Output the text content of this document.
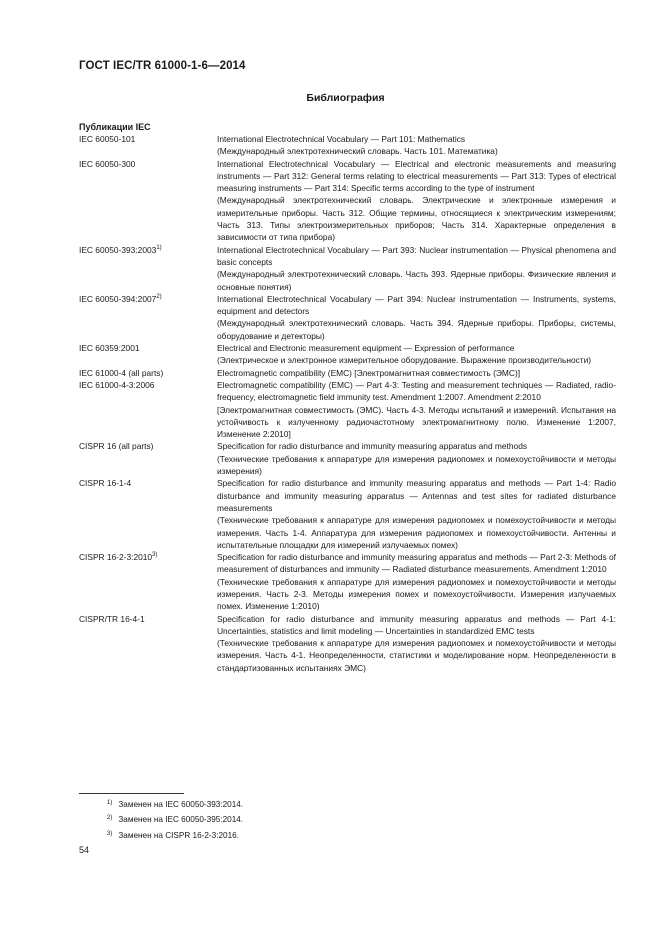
ГОСТ IEC/TR 61000-1-6—2014
Библиография
Публикации IEC
IEC 60050-101	International Electrotechnical Vocabulary — Part 101: Mathematics
(Международный электротехнический словарь. Часть 101. Математика)
IEC 60050-300	International Electrotechnical Vocabulary — Electrical and electronic measurements and measuring instruments — Part 312: General terms relating to electrical measurements — Part 313: Types of electrical measuring instruments — Part 314: Specific terms according to the type of instrument
(Международный электротехнический словарь. Электрические и электронные измерения и измерительные приборы. Часть 312. Общие термины, относящиеся к электрическим измерениям; Часть 313. Типы электроизмерительных приборов; Часть 314. Характерные определения в зависимости от типа прибора)
IEC 60050-393:2003$^{1)}$	International Electrotechnical Vocabulary — Part 393: Nuclear instrumentation — Physical phenomena and basic concepts
(Международный электротехнический словарь. Часть 393. Ядерные приборы. Физические явления и основные понятия)
IEC 60050-394:2007$^{2)}$	International Electrotechnical Vocabulary — Part 394: Nuclear instrumentation — Instruments, systems, equipment and detectors
(Международный электротехнический словарь. Часть 394. Ядерные приборы. Приборы, системы, оборудование и детекторы)
IEC 60359:2001	Electrical and Electronic measurement equipment — Expression of performance
(Электрическое и электронное измерительное оборудование. Выражение производительности)
IEC 61000-4 (all parts)	Electromagnetic compatibility (EMC) [Электромагнитная совместимость (ЭМС)]
IEC 61000-4-3:2006	Electromagnetic compatibility (EMC) — Part 4-3: Testing and measurement techniques — Radiated, radio-frequency, electromagnetic field immunity test. Amendment 1:2007. Amendment 2:2010
[Электромагнитная совместимость (ЭМС). Часть 4-3. Методы испытаний и измерений. Испытания на устойчивость к излученному радиочастотному электромагнитному полю. Изменение 1:2007, Изменение 2:2010]
CISPR 16 (all parts)	Specification for radio disturbance and immunity measuring apparatus and methods
(Технические требования к аппаратуре для измерения радиопомех и помехоустойчивости и методы измерения)
CISPR 16-1-4	Specification for radio disturbance and immunity measuring apparatus and methods — Part 1-4: Radio disturbance and immunity measuring apparatus — Antennas and test sites for radiated disturbance measurements
(Технические требования к аппаратуре для измерения радиопомех и помехоустойчивости и методы измерения. Часть 1-4. Аппаратура для измерения радиопомех и помехоустойчивости. Антенны и испытательные площадки для измерений излучаемых помех)
CISPR 16-2-3:2010$^{3)}$	Specification for radio disturbance and immunity measuring apparatus and methods — Part 2-3: Methods of measurement of disturbances and immunity — Radiated disturbance measurements. Amendment 1:2010
(Технические требования к аппаратуре для измерения радиопомех и помехоустойчивости и методы измерения. Часть 2-3. Методы измерения помех и помехоустойчивости. Измерения излучаемых помех. Изменение 1:2010)
CISPR/TR 16-4-1	Specification for radio disturbance and immunity measuring apparatus and methods — Part 4-1: Uncertainties, statistics and limit modeling — Uncertainties in standardized EMC tests
(Технические требования к аппаратуре для измерения радиопомех и помехоустойчивости и методы измерения. Часть 4-1. Неопределенности, статистики и моделирование норм. Неопределенности в стандартизованных испытаниях ЭМС)
$^{1)}$ Заменен на IEC 60050-393:2014.
$^{2)}$ Заменен на IEC 60050-395:2014.
$^{3)}$ Заменен на CISPR 16-2-3:2016.
54
